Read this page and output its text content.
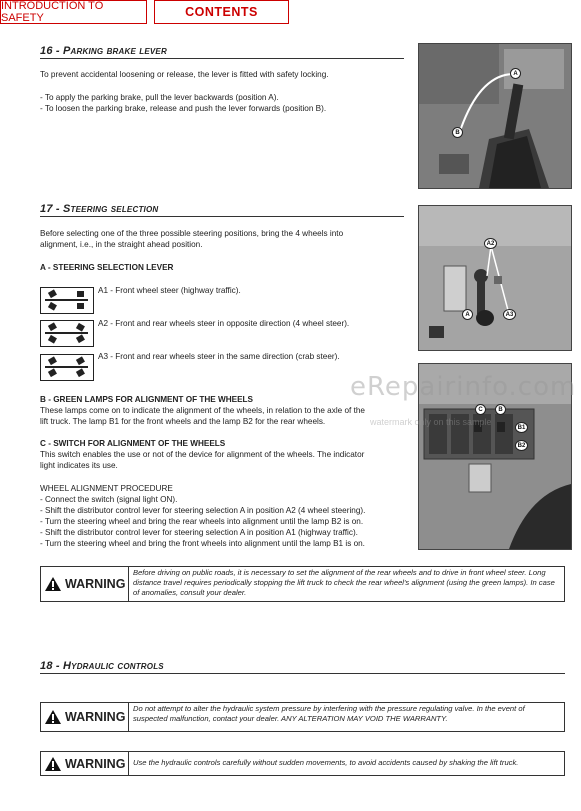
INTRODUCTION TO SAFETY	CONTENTS
16 - Parking brake lever
To prevent accidental loosening or release, the lever is fitted with safety locking.
- To apply the parking brake, pull the lever backwards (position A).
- To loosen the parking brake, release and push the lever forwards (position B).
A
B
17 - Steering selection
Before selecting one of the three possible steering positions, bring the 4 wheels into
alignment, i.e., in the straight ahead position.
A - STEERING SELECTION LEVER
A1 - Front wheel steer (highway traffic).
A2 - Front and rear wheels steer in opposite direction (4 wheel steer).
A3 - Front and rear wheels steer in the same direction (crab steer).
A2
A	A3
C	B
B1
B2
B - GREEN LAMPS FOR ALIGNMENT OF THE WHEELS
These lamps come on to indicate the alignment of the wheels, in relation to the axle of the
lift truck. The lamp B1 for the front wheels and the lamp B2 for the rear wheels.
C - SWITCH FOR ALIGNMENT OF THE WHEELS
This switch enables the use or not of the device for alignment of the wheels. The indicator
light indicates its use.
WHEEL ALIGNMENT PROCEDURE
- Connect the switch (signal light ON).
- Shift the distributor control lever for steering selection A in position A2 (4 wheel steering).
- Turn the steering wheel and bring the rear wheels into alignment until the lamp B2 is on.
- Shift the distributor control lever for steering selection A in position A1 (highway traffic).
- Turn the steering wheel and bring the front wheels into alignment until the lamp B1 is on.
eRepairinfo.com
watermark only on this sample
WARNING
Before driving on public roads, it is necessary to set the alignment of the rear wheels and to drive in front wheel steer. Long distance travel requires periodically stopping the lift truck to check the rear wheel's alignment (using the green lamps). In case of anomalies, consult your dealer.
18 - Hydraulic controls
WARNING
Do not attempt to alter the hydraulic system pressure by interfering with the pressure regulating valve. In the event of suspected malfunction, contact your dealer. ANY ALTERATION MAY VOID THE WARRANTY.
WARNING Use the hydraulic controls carefully without sudden movements, to avoid accidents caused by shaking the lift truck.
